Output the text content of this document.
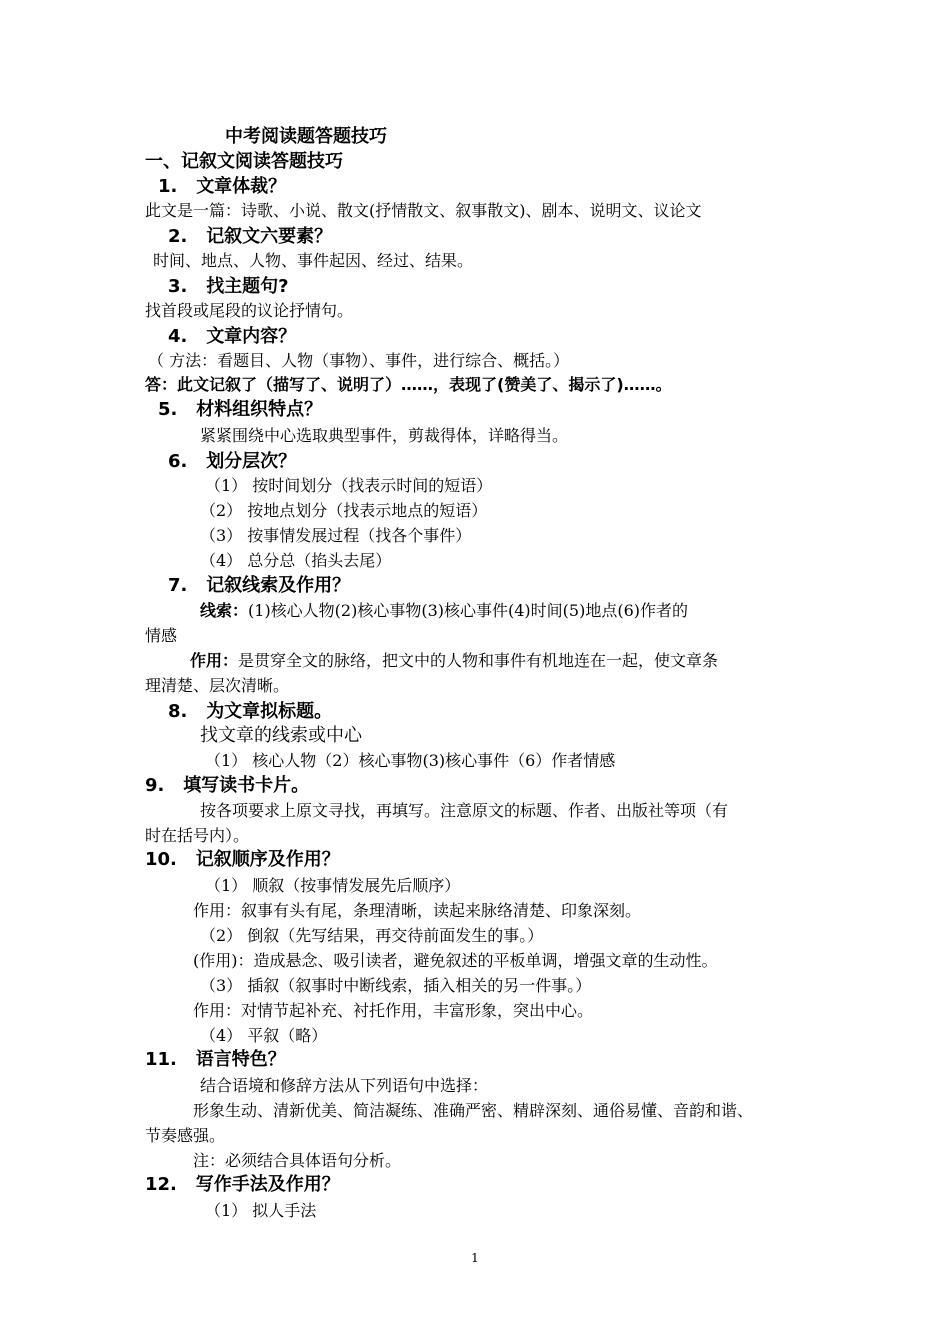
中考阅读题答题技巧
一、记叙文阅读答题技巧
1. 文章体裁？
此文是一篇：诗歌、小说、散文(抒情散文、叙事散文)、剧本、说明文、议论文
2. 记叙文六要素？
时间、地点、人物、事件起因、经过、结果。
3. 找主题句?
找首段或尾段的议论抒情句。
4. 文章内容？
（ 方法：看题目、人物（事物）、事件，进行综合、概括。）
答：此文记叙了（描写了、说明了）……，表现了(赞美了、揭示了)……。
5. 材料组织特点？
紧紧围绕中心选取典型事件，剪裁得体，详略得当。
6. 划分层次？
（1） 按时间划分（找表示时间的短语）
（2） 按地点划分（找表示地点的短语）
（3） 按事情发展过程（找各个事件）
（4） 总分总（掐头去尾）
7. 记叙线索及作用？
线索：(1)核心人物(2)核心事物(3)核心事件(4)时间(5)地点(6)作者的
情感
作用：是贯穿全文的脉络，把文中的人物和事件有机地连在一起，使文章条
理清楚、层次清晰。
8. 为文章拟标题。
找文章的线索或中心
（1） 核心人物（2）核心事物(3)核心事件（6）作者情感
9. 填写读书卡片。
按各项要求上原文寻找，再填写。注意原文的标题、作者、出版社等项（有
时在括号内）。
10. 记叙顺序及作用？
（1） 顺叙（按事情发展先后顺序）
作用：叙事有头有尾，条理清晰，读起来脉络清楚、印象深刻。
（2） 倒叙（先写结果，再交待前面发生的事。）
(作用)：造成悬念、吸引读者，避免叙述的平板单调，增强文章的生动性。
（3） 插叙（叙事时中断线索，插入相关的另一件事。）
作用：对情节起补充、衬托作用，丰富形象，突出中心。
（4） 平叙（略）
11. 语言特色？
结合语境和修辞方法从下列语句中选择：
形象生动、清新优美、简洁凝练、准确严密、精辟深刻、通俗易懂、音韵和谐、
节奏感强。
注：必须结合具体语句分析。
12. 写作手法及作用？
（1） 拟人手法
1
